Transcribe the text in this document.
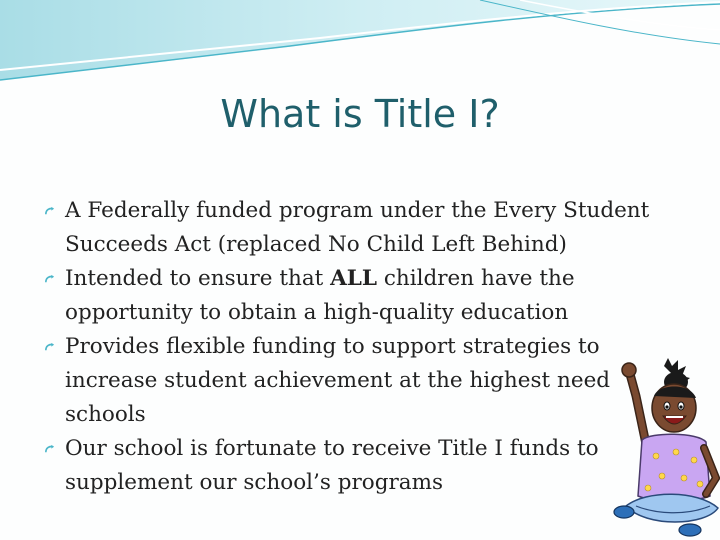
What is Title I?
A Federally funded program under the Every Student
Succeeds Act (replaced No Child Left Behind)
Intended to ensure that ALL children have the
opportunity to obtain a high-quality education
Provides flexible funding to support strategies to
increase student achievement at the highest need
schools
Our school is fortunate to receive Title I funds to
supplement our school’s programs
